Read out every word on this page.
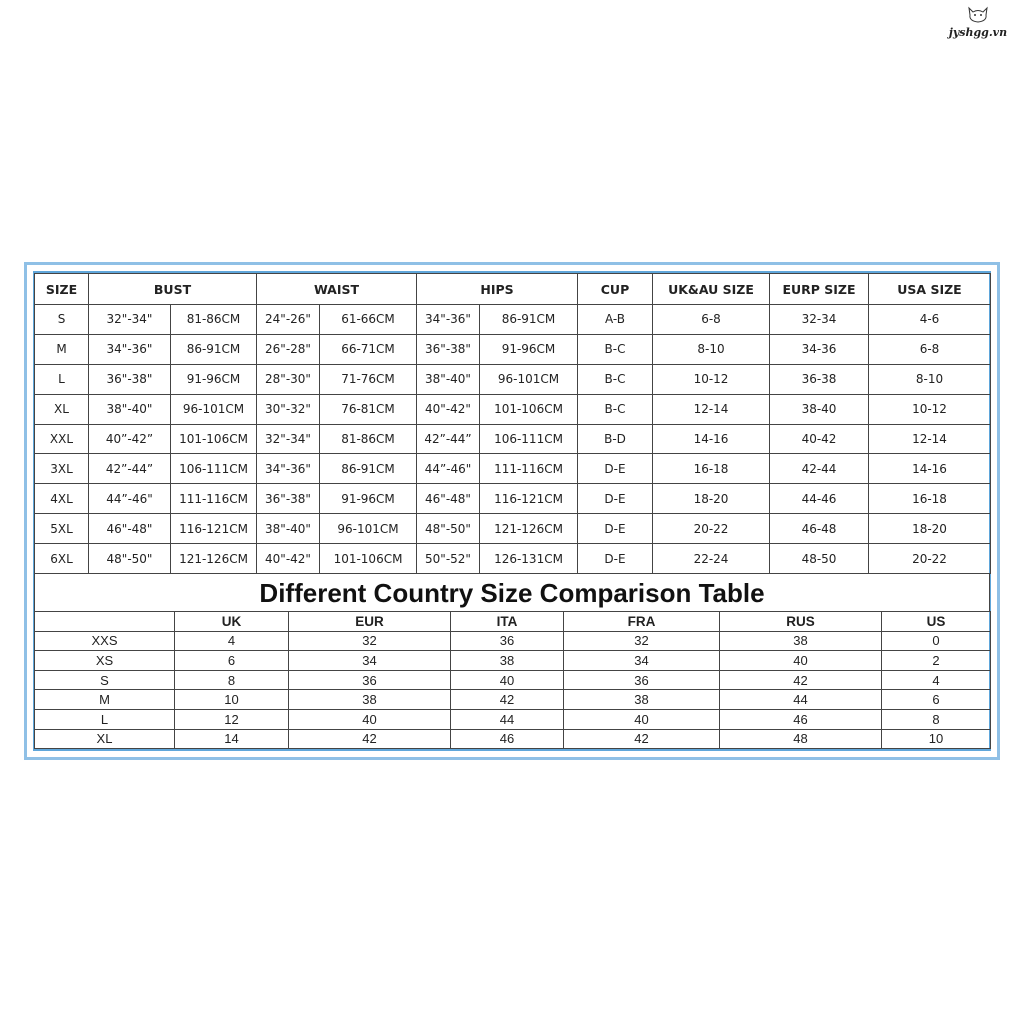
jyshgg.vn
SIZE	BUST		WAIST		HIPS		CUP	UK&AU SIZE	EURP SIZE	USA SIZE
S	32"-34"	81-86CM	24"-26"	61-66CM	34"-36"	86-91CM	A-B	6-8	32-34	4-6
M	34"-36"	86-91CM	26"-28"	66-71CM	36"-38"	91-96CM	B-C	8-10	34-36	6-8
L	36"-38"	91-96CM	28"-30"	71-76CM	38"-40"	96-101CM	B-C	10-12	36-38	8-10
XL	38"-40"	96-101CM	30"-32"	76-81CM	40"-42"	101-106CM	B-C	12-14	38-40	10-12
XXL	40”-42”	101-106CM	32"-34"	81-86CM	42”-44”	106-111CM	B-D	14-16	40-42	12-14
3XL	42”-44”	106-111CM	34"-36"	86-91CM	44”-46"	111-116CM	D-E	16-18	42-44	14-16
4XL	44”-46"	111-116CM	36"-38"	91-96CM	46"-48"	116-121CM	D-E	18-20	44-46	16-18
5XL	46"-48"	116-121CM	38"-40"	96-101CM	48"-50"	121-126CM	D-E	20-22	46-48	18-20
6XL	48"-50"	121-126CM	40"-42"	101-106CM	50"-52"	126-131CM	D-E	22-24	48-50	20-22
Different Country Size Comparison Table
	UK	EUR	ITA	FRA	RUS	US
XXS	4	32	36	32	38	0
XS	6	34	38	34	40	2
S	8	36	40	36	42	4
M	10	38	42	38	44	6
L	12	40	44	40	46	8
XL	14	42	46	42	48	10
